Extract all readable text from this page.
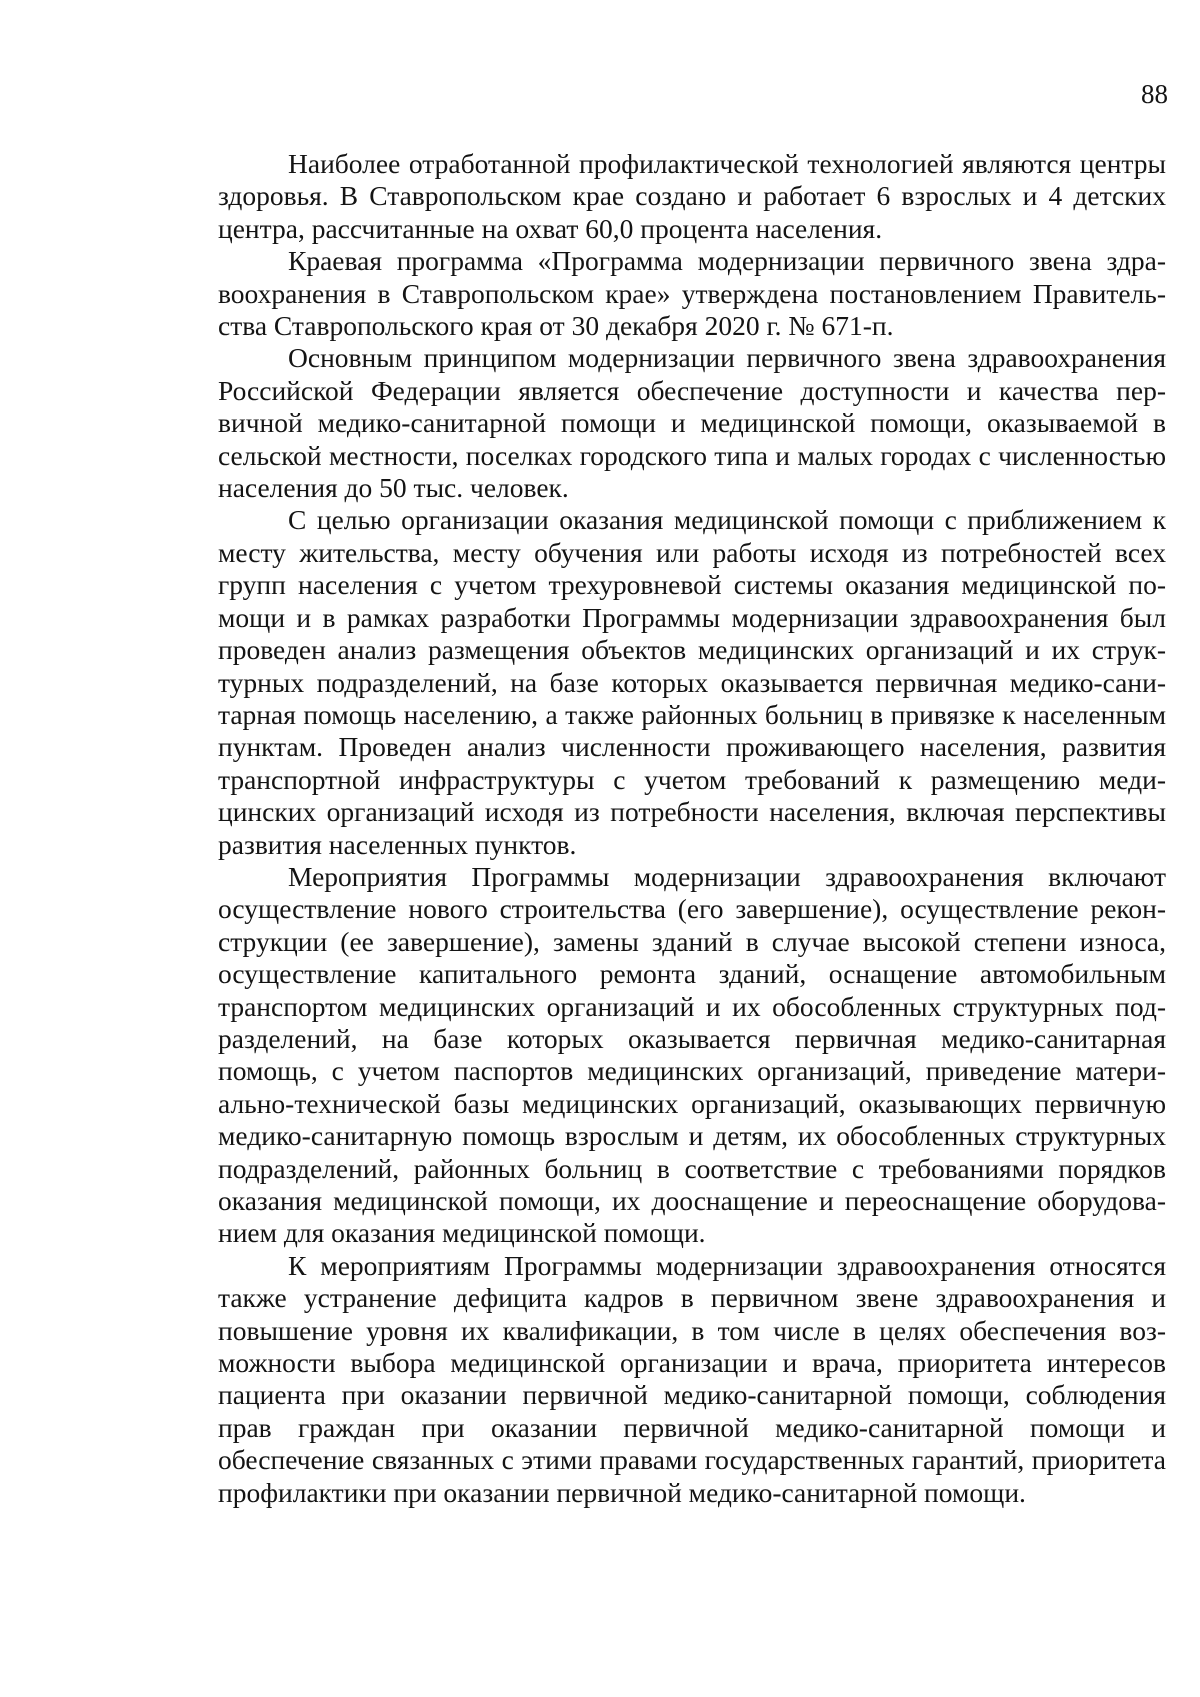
88

Наиболее отработанной профилактической технологией являются центры здоровья. В Ставропольском крае создано и работает 6 взрослых и 4 детских центра, рассчитанные на охват 60,0 процента населения.

Краевая программа «Программа модернизации первичного звена здравоохранения в Ставропольском крае» утверждена постановлением Правительства Ставропольского края от 30 декабря 2020 г. № 671-п.

Основным принципом модернизации первичного звена здравоохранения Российской Федерации является обеспечение доступности и качества первичной медико-санитарной помощи и медицинской помощи, оказываемой в сельской местности, поселках городского типа и малых городах с численностью населения до 50 тыс. человек.

С целью организации оказания медицинской помощи с приближением к месту жительства, месту обучения или работы исходя из потребностей всех групп населения с учетом трехуровневой системы оказания медицинской помощи и в рамках разработки Программы модернизации здравоохранения был проведен анализ размещения объектов медицинских организаций и их структурных подразделений, на базе которых оказывается первичная медико-санитарная помощь населению, а также районных больниц в привязке к населенным пунктам. Проведен анализ численности проживающего населения, развития транспортной инфраструктуры с учетом требований к размещению медицинских организаций исходя из потребности населения, включая перспективы развития населенных пунктов.

Мероприятия Программы модернизации здравоохранения включают осуществление нового строительства (его завершение), осуществление реконструкции (ее завершение), замены зданий в случае высокой степени износа, осуществление капитального ремонта зданий, оснащение автомобильным транспортом медицинских организаций и их обособленных структурных подразделений, на базе которых оказывается первичная медико-санитарная помощь, с учетом паспортов медицинских организаций, приведение материально-технической базы медицинских организаций, оказывающих первичную медико-санитарную помощь взрослым и детям, их обособленных структурных подразделений, районных больниц в соответствие с требованиями порядков оказания медицинской помощи, их дооснащение и переоснащение оборудованием для оказания медицинской помощи.

К мероприятиям Программы модернизации здравоохранения относятся также устранение дефицита кадров в первичном звене здравоохранения и повышение уровня их квалификации, в том числе в целях обеспечения возможности выбора медицинской организации и врача, приоритета интересов пациента при оказании первичной медико-санитарной помощи, соблюдения прав граждан при оказании первичной медико-санитарной помощи и обеспечение связанных с этими правами государственных гарантий, приоритета профилактики при оказании первичной медико-санитарной помощи.
